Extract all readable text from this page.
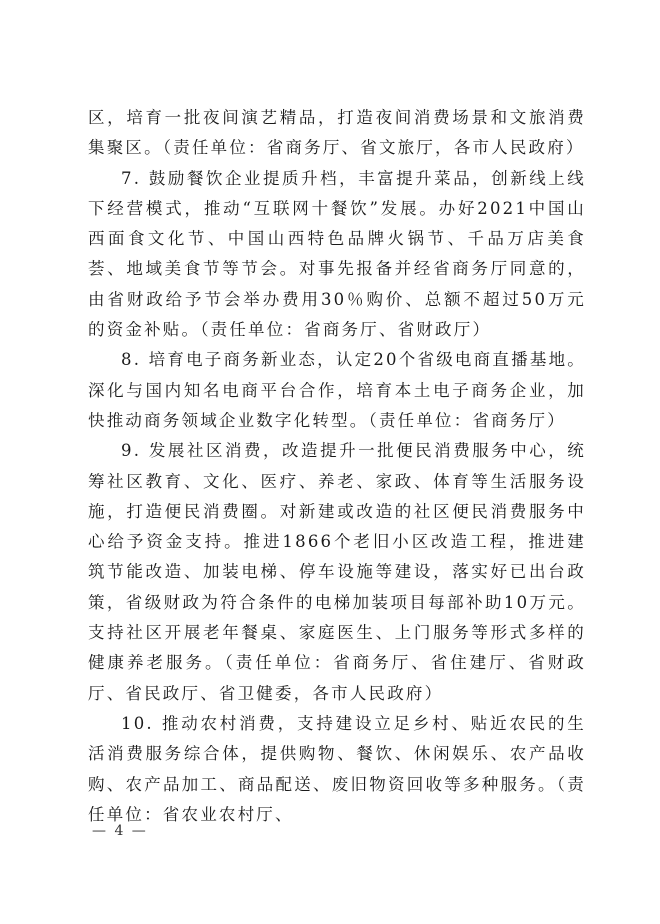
区，培育一批夜间演艺精品，打造夜间消费场景和文旅消费集聚区。（责任单位：省商务厅、省文旅厅，各市人民政府）

7. 鼓励餐饮企业提质升档，丰富提升菜品，创新线上线下经营模式，推动“互联网十餐饮”发展。办好2021中国山西面食文化节、中国山西特色品牌火锅节、千品万店美食荟、地域美食节等节会。对事先报备并经省商务厅同意的，由省财政给予节会举办费用30％购价、总额不超过50万元的资金补贴。（责任单位：省商务厅、省财政厅）

8. 培育电子商务新业态，认定20个省级电商直播基地。深化与国内知名电商平台合作，培育本土电子商务企业，加快推动商务领域企业数字化转型。（责任单位：省商务厅）

9. 发展社区消费，改造提升一批便民消费服务中心，统筹社区教育、文化、医疗、养老、家政、体育等生活服务设施，打造便民消费圈。对新建或改造的社区便民消费服务中心给予资金支持。推进1866个老旧小区改造工程，推进建筑节能改造、加装电梯、停车设施等建设，落实好已出台政策，省级财政为符合条件的电梯加装项目每部补助10万元。支持社区开展老年餐桌、家庭医生、上门服务等形式多样的健康养老服务。（责任单位：省商务厅、省住建厅、省财政厅、省民政厅、省卫健委，各市人民政府）

10. 推动农村消费，支持建设立足乡村、贴近农民的生活消费服务综合体，提供购物、餐饮、休闲娱乐、农产品收购、农产品加工、商品配送、废旧物资回收等多种服务。（责任单位：省农业农村厅、

— 4 —
